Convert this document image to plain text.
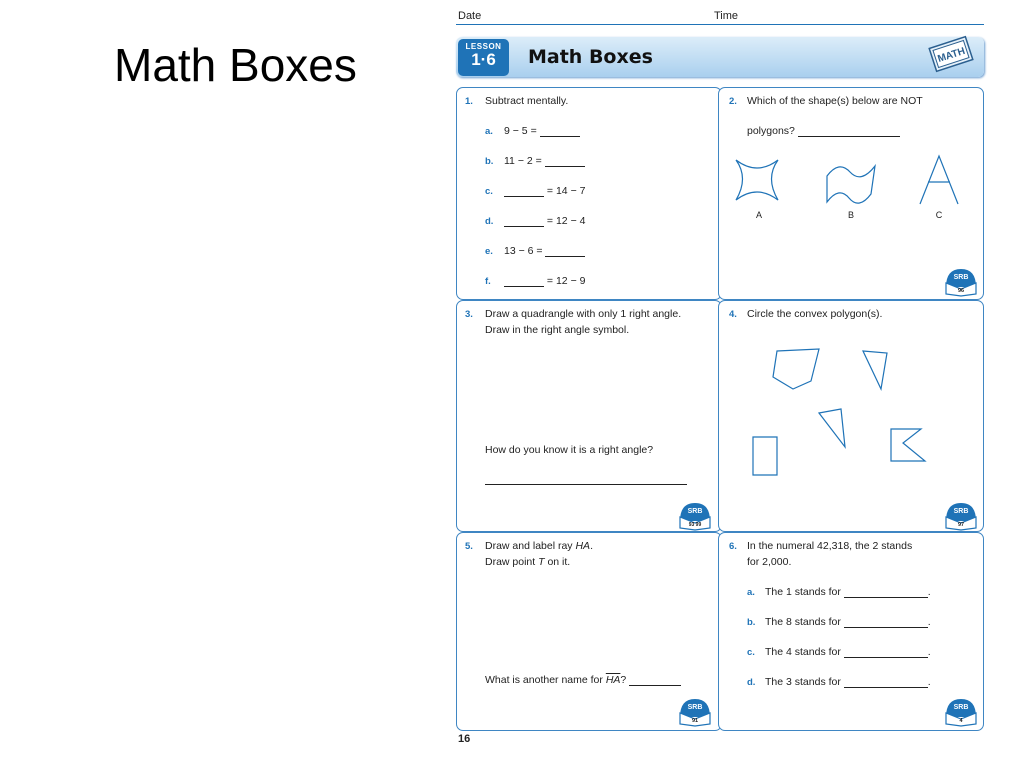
Math Boxes
Date	Time
LESSON
1·6	Math Boxes	MATH
1. Subtract mentally.
a. 9 − 5 =
b. 11 − 2 =
c.	= 14 − 7
d.	= 12 − 4
e. 13 − 6 =
f.	= 12 − 9
2. Which of the shape(s) below are NOT
polygons?
A	B	C
SRB
96
3. Draw a quadrangle with only 1 right angle.
Draw in the right angle symbol.
How do you know it is a right angle?
SRB
93 99
4. Circle the convex polygon(s).
SRB
97
5. Draw and label ray HA.
Draw point T on it.
What is another name for $\overline{HA}$?
SRB
91
6. In the numeral 42,318, the 2 stands
for 2,000.
a. The 1 stands for	.
b. The 8 stands for	.
c. The 4 stands for	.
d. The 3 stands for	.
SRB
4
16
